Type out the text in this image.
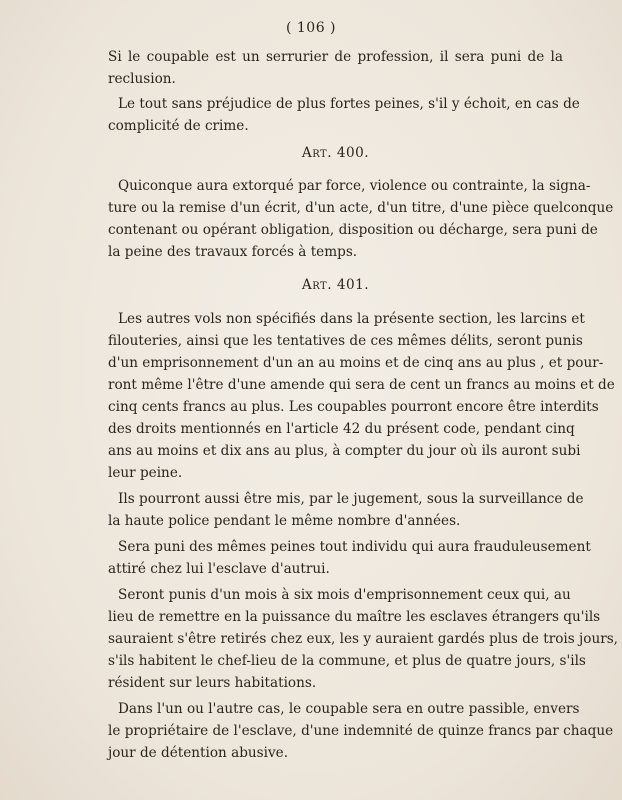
( 106 )
Si le coupable est un serrurier de profession, il sera puni de la
reclusion.
Le tout sans préjudice de plus fortes peines, s'il y échoit, en cas de
complicité de crime.
Art. 400.
Quiconque aura extorqué par force, violence ou contrainte, la signa-
ture ou la remise d'un écrit, d'un acte, d'un titre, d'une pièce quelconque
contenant ou opérant obligation, disposition ou décharge, sera puni de
la peine des travaux forcés à temps.
Art. 401.
Les autres vols non spécifiés dans la présente section, les larcins et
filouteries, ainsi que les tentatives de ces mêmes délits, seront punis
d'un emprisonnement d'un an au moins et de cinq ans au plus , et pour-
ront même l'être d'une amende qui sera de cent un francs au moins et de
cinq cents francs au plus. Les coupables pourront encore être interdits
des droits mentionnés en l'article 42 du présent code, pendant cinq
ans au moins et dix ans au plus, à compter du jour où ils auront subi
leur peine.
Ils pourront aussi être mis, par le jugement, sous la surveillance de
la haute police pendant le même nombre d'années.
Sera puni des mêmes peines tout individu qui aura frauduleusement
attiré chez lui l'esclave d'autrui.
Seront punis d'un mois à six mois d'emprisonnement ceux qui, au
lieu de remettre en la puissance du maître les esclaves étrangers qu'ils
sauraient s'être retirés chez eux, les y auraient gardés plus de trois jours,
s'ils habitent le chef-lieu de la commune, et plus de quatre jours, s'ils
résident sur leurs habitations.
Dans l'un ou l'autre cas, le coupable sera en outre passible, envers
le propriétaire de l'esclave, d'une indemnité de quinze francs par chaque
jour de détention abusive.
